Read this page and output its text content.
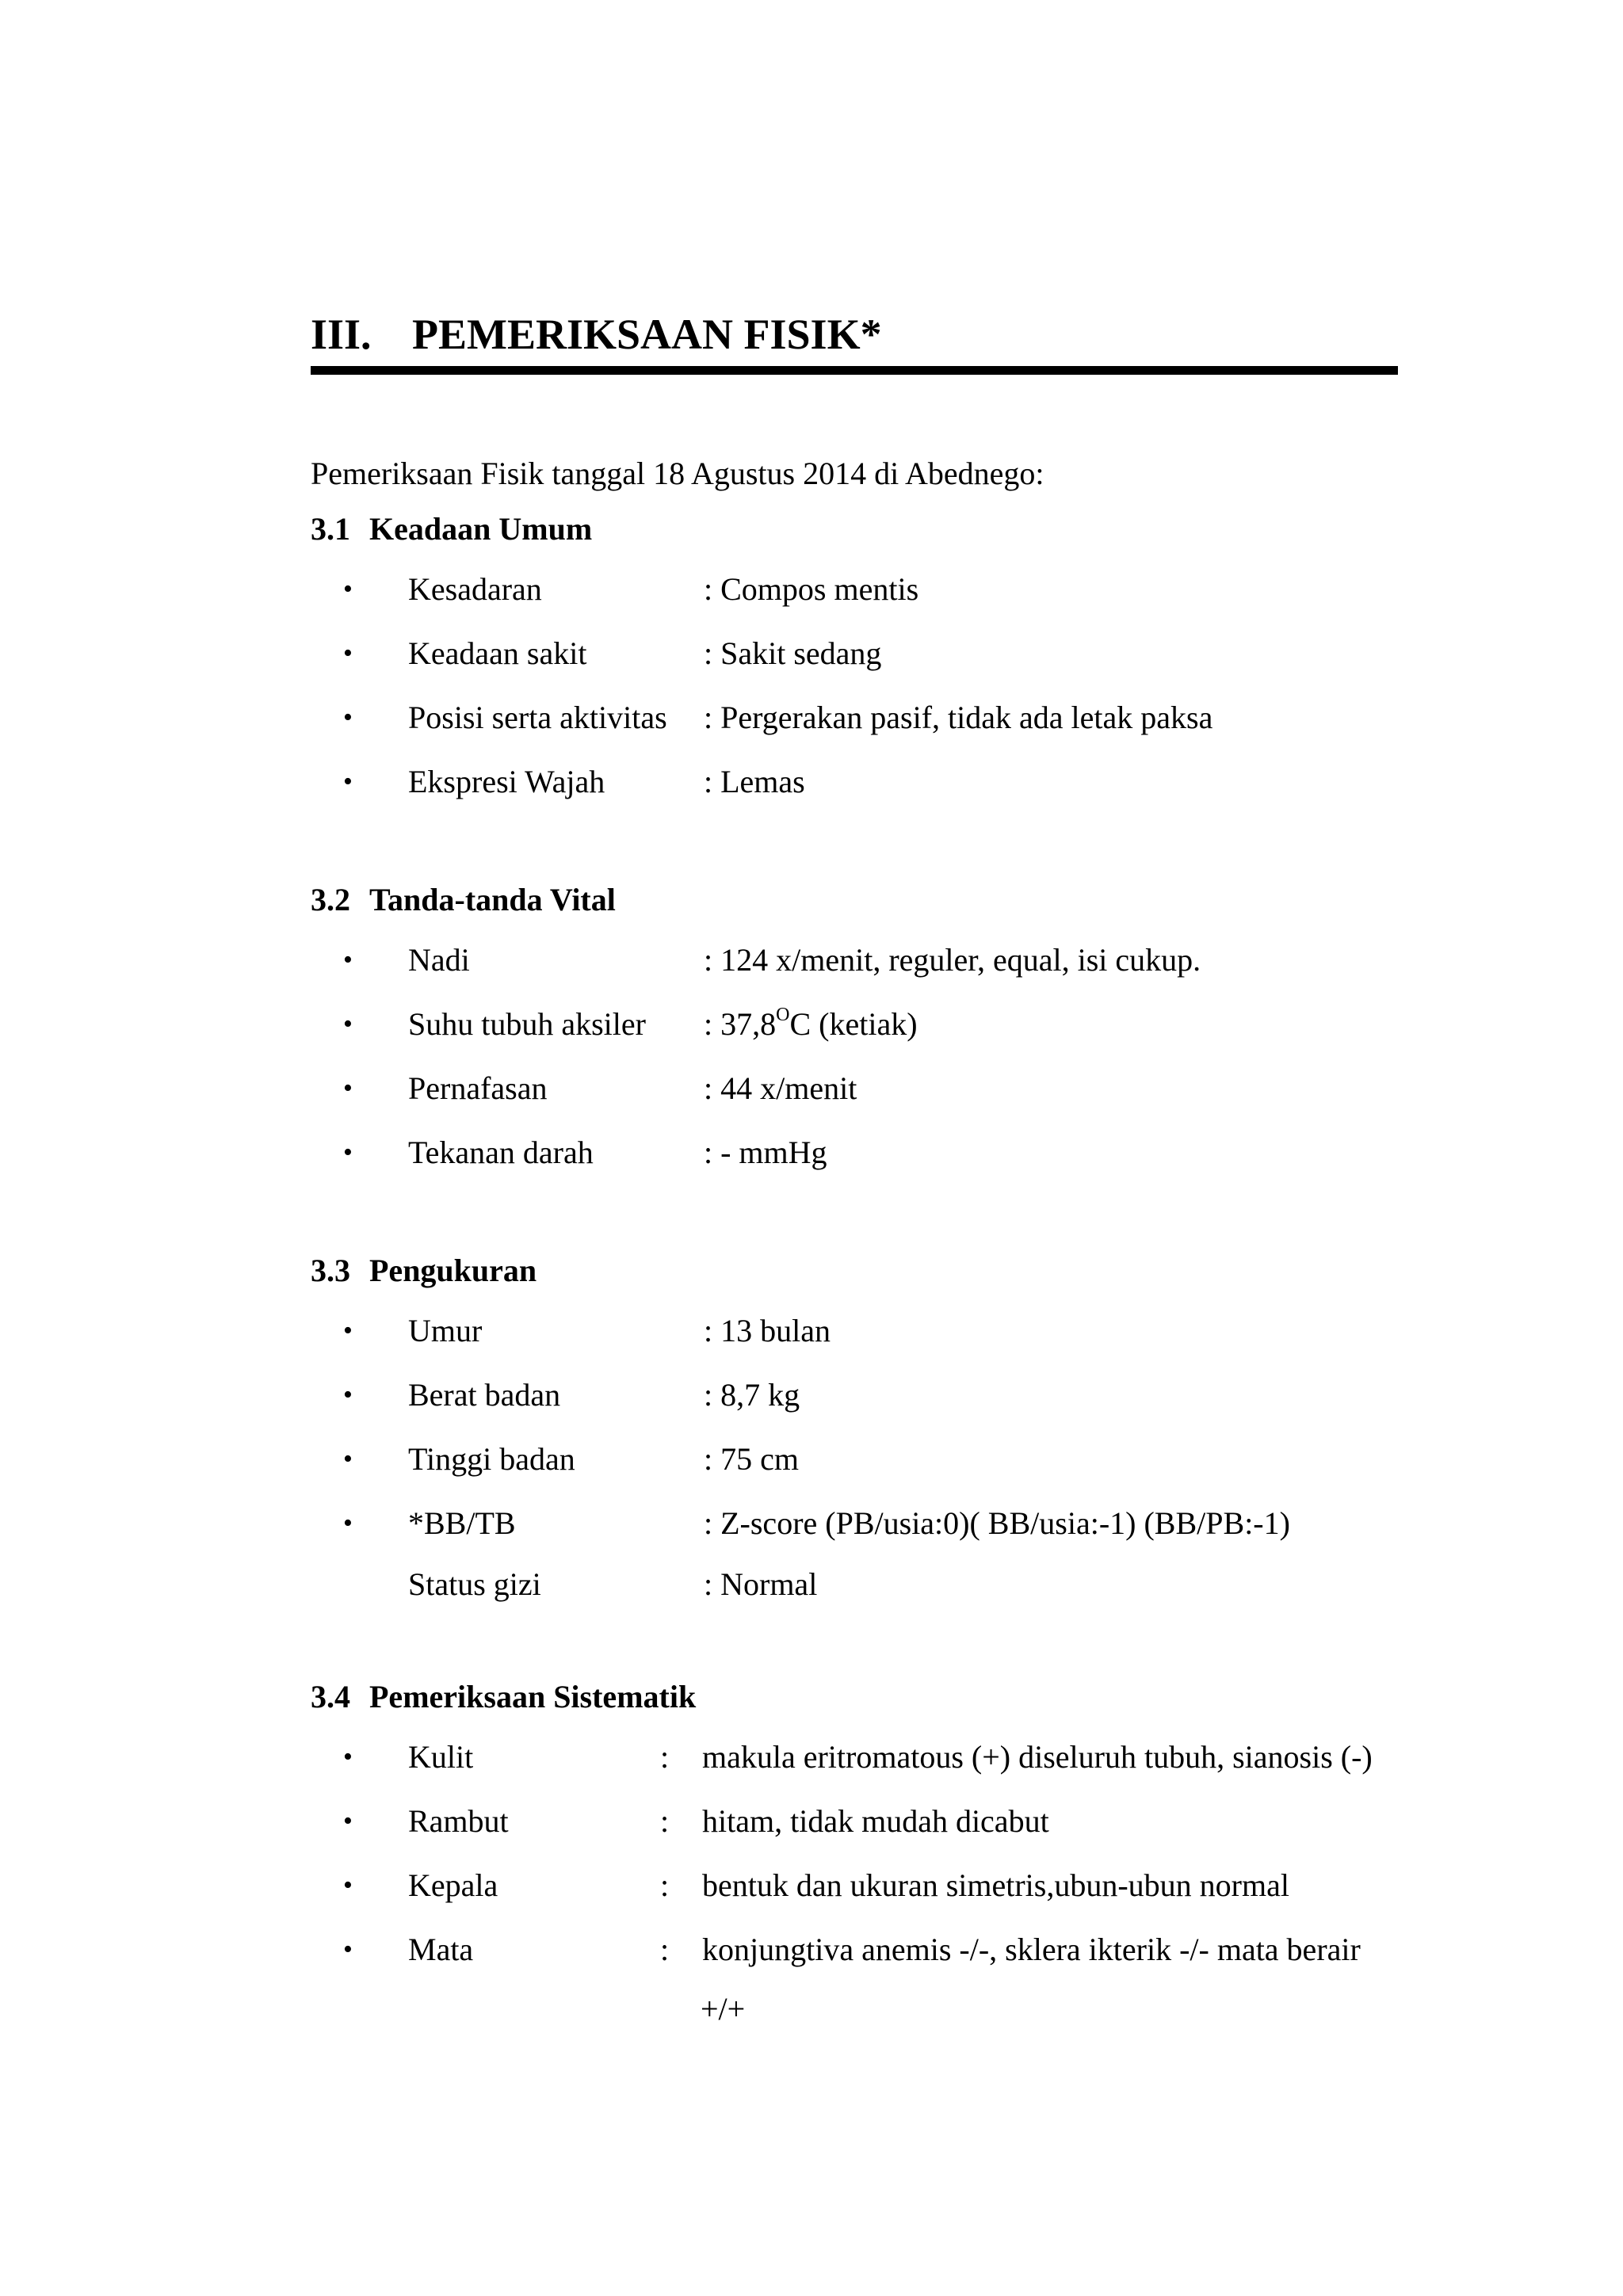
III. PEMERIKSAAN FISIK*
Pemeriksaan Fisik tanggal 18 Agustus 2014 di Abednego:
3.1 Keadaan Umum
• Kesadaran	: Compos mentis
• Keadaan sakit	: Sakit sedang
• Posisi serta aktivitas : Pergerakan pasif, tidak ada letak paksa
• Ekspresi Wajah	: Lemas
3.2 Tanda-tanda Vital
• Nadi	: 124 x/menit, reguler, equal, isi cukup.
• Suhu tubuh aksiler : $37,8^OC$ (ketiak)
• Pernafasan	: 44 x/menit
• Tekanan darah	: - mmHg
3.3 Pengukuran
• Umur	: 13 bulan
• Berat badan	: 8,7 kg
• Tinggi badan	: 75 cm
• *BB/TB	: Z-score (PB/usia:0)( BB/usia:-1) (BB/PB:-1)
Status gizi	: Normal
3.4 Pemeriksaan Sistematik
• Kulit	: makula eritromatous (+) diseluruh tubuh, sianosis (-)
• Rambut	: hitam, tidak mudah dicabut
• Kepala	: bentuk dan ukuran simetris,ubun-ubun normal
• Mata	: konjungtiva anemis -/-, sklera ikterik -/- mata berair
+/+
